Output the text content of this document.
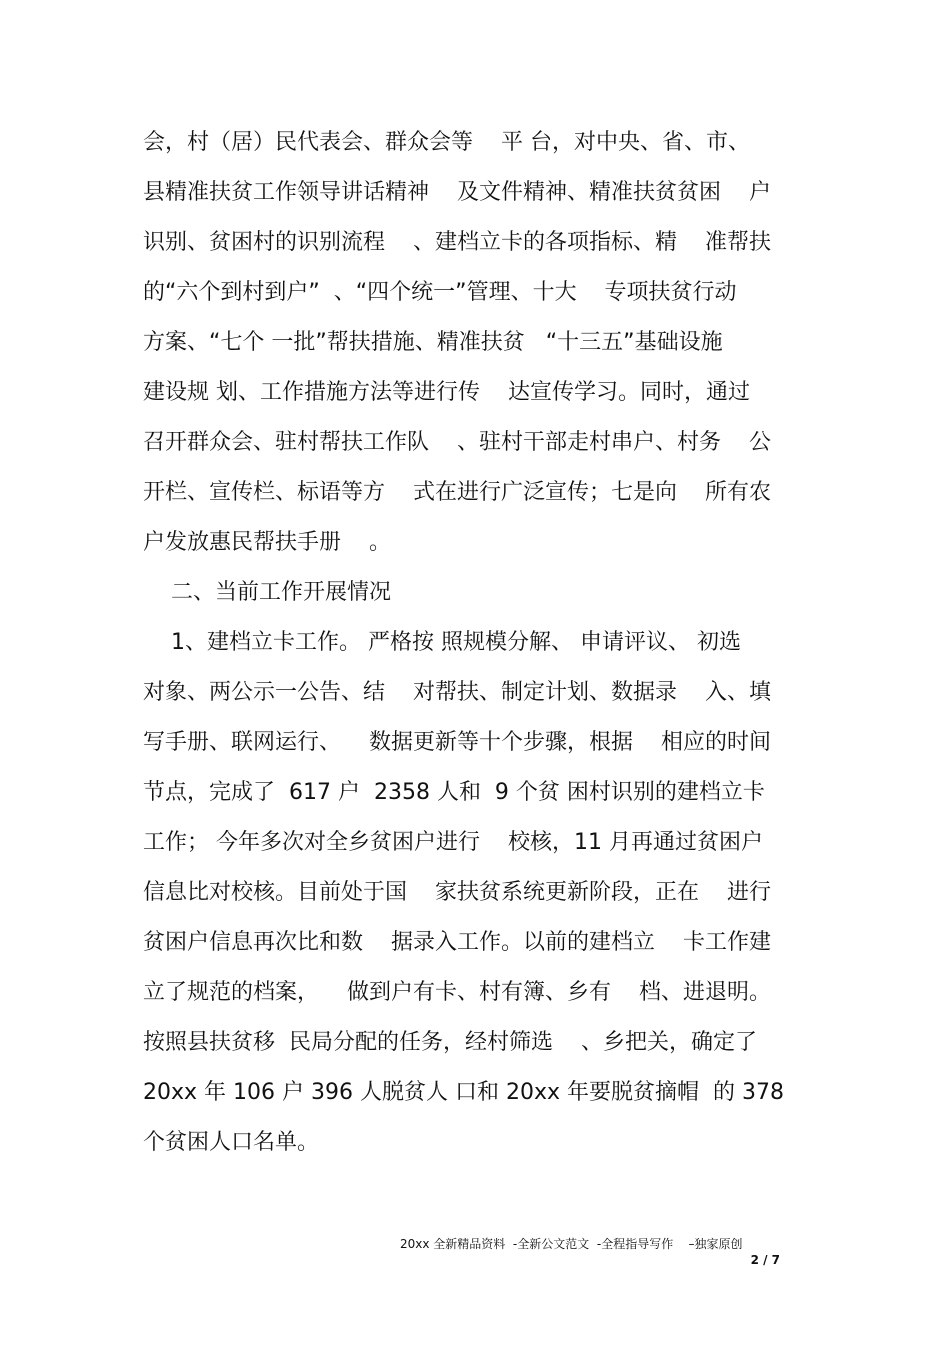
会，村（居）民代表会、群众会等    平 台，对中央、省、市、
县精准扶贫工作领导讲话精神    及文件精神、精准扶贫贫困    户
识别、贫困村的识别流程    、建档立卡的各项指标、精    准帮扶
的“六个到村到户”  、“四个统一”管理、十大    专项扶贫行动
方案、“七个 一批”帮扶措施、精准扶贫   “十三五”基础设施
建设规 划、工作措施方法等进行传    达宣传学习。同时，通过
召开群众会、驻村帮扶工作队    、驻村干部走村串户、村务    公
开栏、宣传栏、标语等方    式在进行广泛宣传；七是向    所有农
户发放惠民帮扶手册    。
二、当前工作开展情况
1、建档立卡工作。 严格按 照规模分解、 申请评议、 初选
对象、两公示一公告、结    对帮扶、制定计划、数据录    入、填
写手册、联网运行、    数据更新等十个步骤，根据    相应的时间
节点，完成了  617 户  2358 人和  9 个贫 困村识别的建档立卡
工作； 今年多次对全乡贫困户进行    校核，11 月再通过贫困户
信息比对校核。目前处于国    家扶贫系统更新阶段，正在    进行
贫困户信息再次比和数    据录入工作。以前的建档立    卡工作建
立了规范的档案，    做到户有卡、村有簿、乡有    档、进退明。
按照县扶贫移  民局分配的任务，经村筛选    、乡把关，确定了
20xx 年 106 户 396 人脱贫人 口和 20xx 年要脱贫摘帽  的 378
个贫困人口名单。
20xx 全新精品资料  -全新公文范文  -全程指导写作    –独家原创
2 / 7
